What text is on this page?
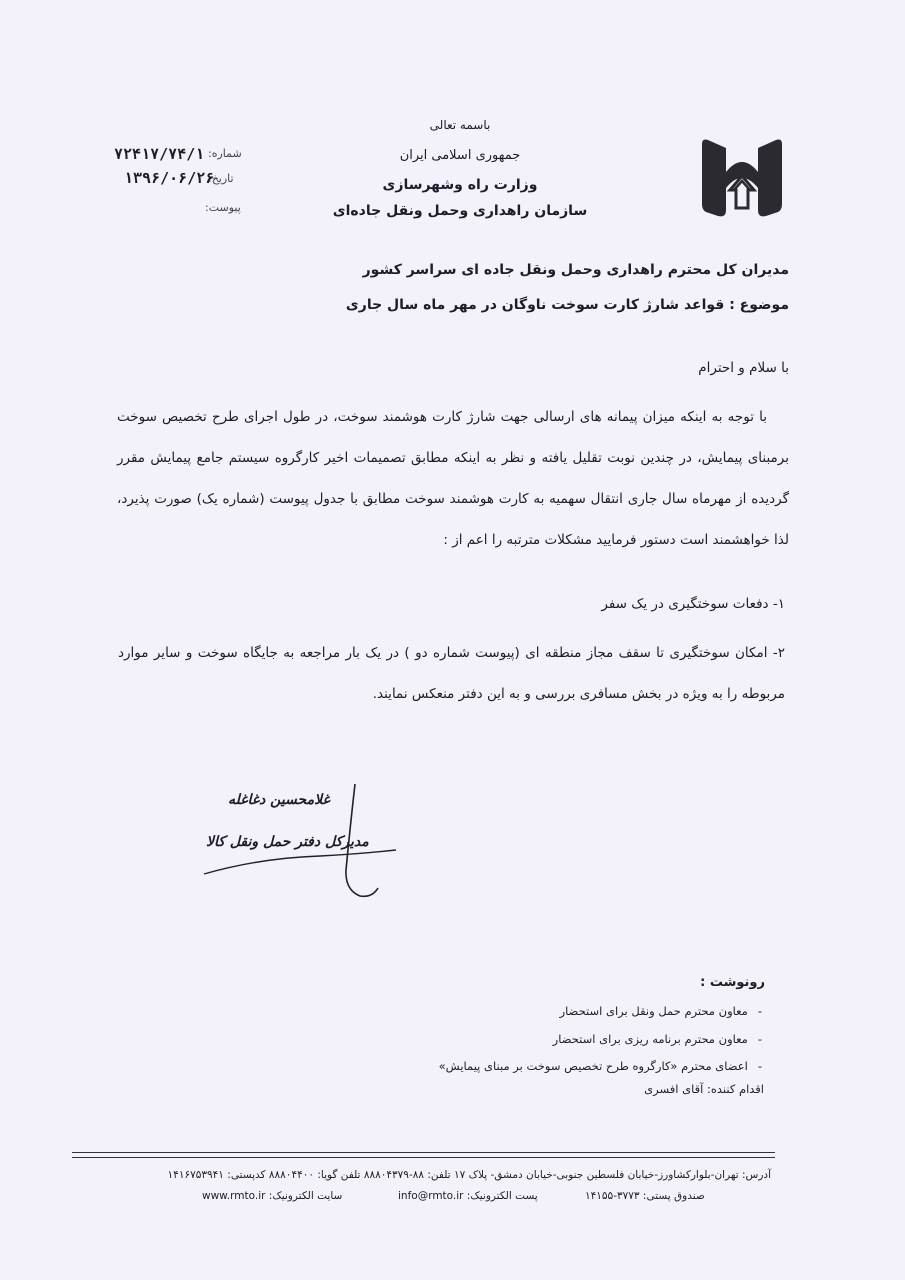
باسمه تعالی
جمهوری اسلامی ایران
وزارت راه وشهرسازی
سازمان راهداری وحمل ونقل جاده‌ای
شماره:
۷۲۴۱۷/۷۴/۱
تاریخ:
۱۳۹۶/۰۶/۲۶
پیوست:
مدیران کل محترم راهداری وحمل ونقل جاده ای سراسر کشور
موضوع : قواعد شارژ کارت سوخت ناوگان در مهر ماه سال جاری
با سلام و احترام
با توجه به اینکه میزان پیمانه های ارسالی جهت شارژ کارت هوشمند سوخت، در طول اجرای طرح تخصیص سوخت برمبنای پیمایش، در چندین نوبت تقلیل یافته و نظر به اینکه مطابق تصمیمات اخیر کارگروه سیستم جامع پیمایش مقرر گردیده از مهرماه سال جاری انتقال سهمیه به کارت هوشمند سوخت مطابق با جدول پیوست (شماره یک) صورت پذیرد، لذا خواهشمند است دستور فرمایید مشکلات مترتبه را اعم از :
۱- دفعات سوختگیری در یک سفر
۲- امکان سوختگیری تا سقف مجاز منطقه ای (پیوست شماره دو ) در یک بار مراجعه به جایگاه سوخت و سایر موارد مربوطه را به ویژه در بخش مسافری بررسی و به این دفتر منعکس نمایند.
غلامحسین دغاغله
مدیرکل دفتر حمل ونقل کالا
رونوشت :
-معاون محترم حمل ونقل برای استحضار
-معاون محترم برنامه ریزی برای استحضار
-اعضای محترم «کارگروه طرح تخصیص سوخت بر مبنای پیمایش»
اقدام کننده: آقای افسری
آدرس: تهران-بلوارکشاورز-خیابان فلسطین جنوبی-خیابان دمشق- پلاک ۱۷ تلفن: ۸۸-۸۸۸۰۴۳۷۹ تلفن گویا: ۸۸۸۰۴۴۰۰ کدپستی: ۱۴۱۶۷۵۳۹۴۱
صندوق پستی: ۳۷۷۳-۱۴۱۵۵
پست الکترونیک: info@rmto.ir
سایت الکترونیک: www.rmto.ir
